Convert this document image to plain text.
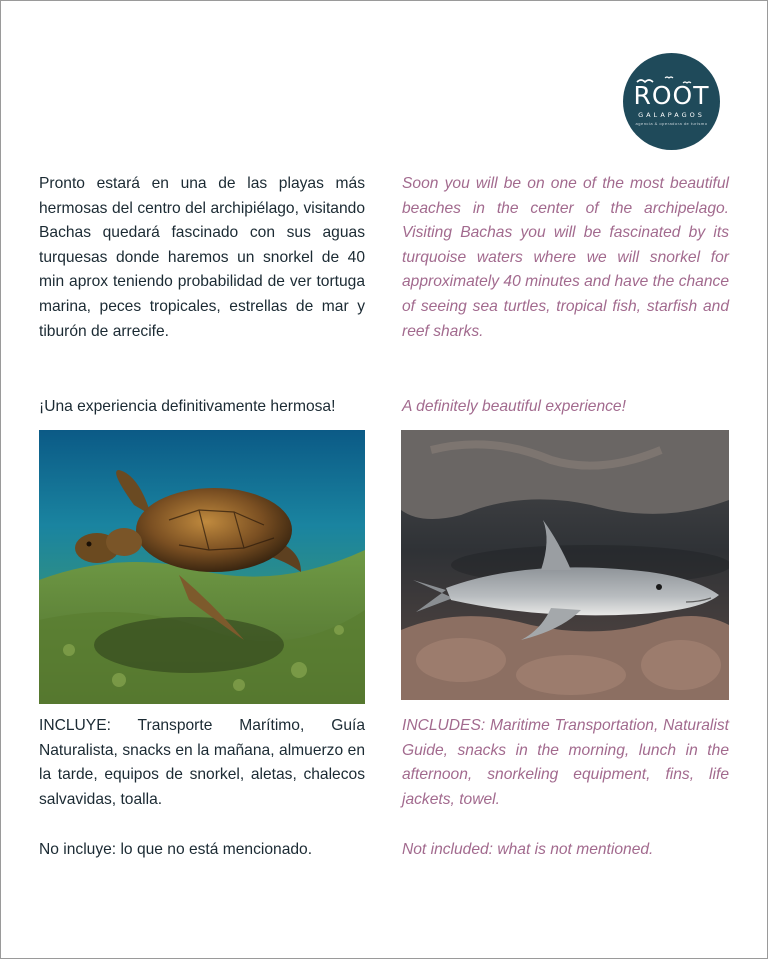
ROOT
GALAPAGOS
agencia & operadora de turismo

Pronto estará en una de las playas más hermosas del centro del archipiélago, visitando Bachas quedará fascinado con sus aguas turquesas donde haremos un snorkel de 40 min aprox teniendo probabilidad de ver tortuga marina, peces tropicales, estrellas de mar y tiburón de arrecife.

¡Una experiencia definitivamente hermosa!

Soon you will be on one of the most beautiful beaches in the center of the archipelago. Visiting Bachas you will be fascinated by its turquoise waters where we will snorkel for approximately 40 minutes and have the chance of seeing sea turtles, tropical fish, starfish and reef sharks.

A definitely beautiful experience!

INCLUYE: Transporte Marítimo, Guía Naturalista, snacks en la mañana, almuerzo en la tarde, equipos de snorkel, aletas, chalecos salvavidas, toalla.

No incluye: lo que no está mencionado.

INCLUDES: Maritime Transportation, Naturalist Guide, snacks in the morning, lunch in the afternoon, snorkeling equipment, fins, life jackets, towel.

Not included: what is not mentioned.
